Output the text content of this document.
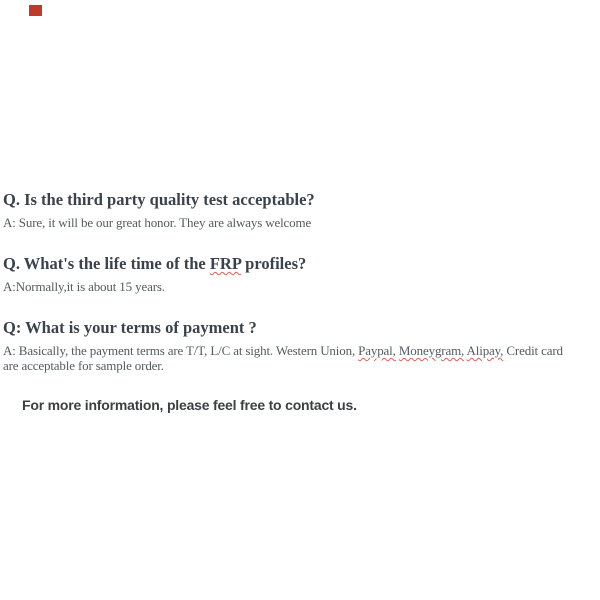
Q. Is the third party quality test acceptable?
A: Sure, it will be our great honor. They are always welcome
Q. What's the life time of the FRP profiles?
A:Normally,it is about 15 years.
Q: What is your terms of payment ?
A: Basically, the payment terms are T/T, L/C at sight. Western Union, Paypal, Moneygram, Alipay, Credit card
are acceptable for sample order.
For more information, please feel free to contact us.
